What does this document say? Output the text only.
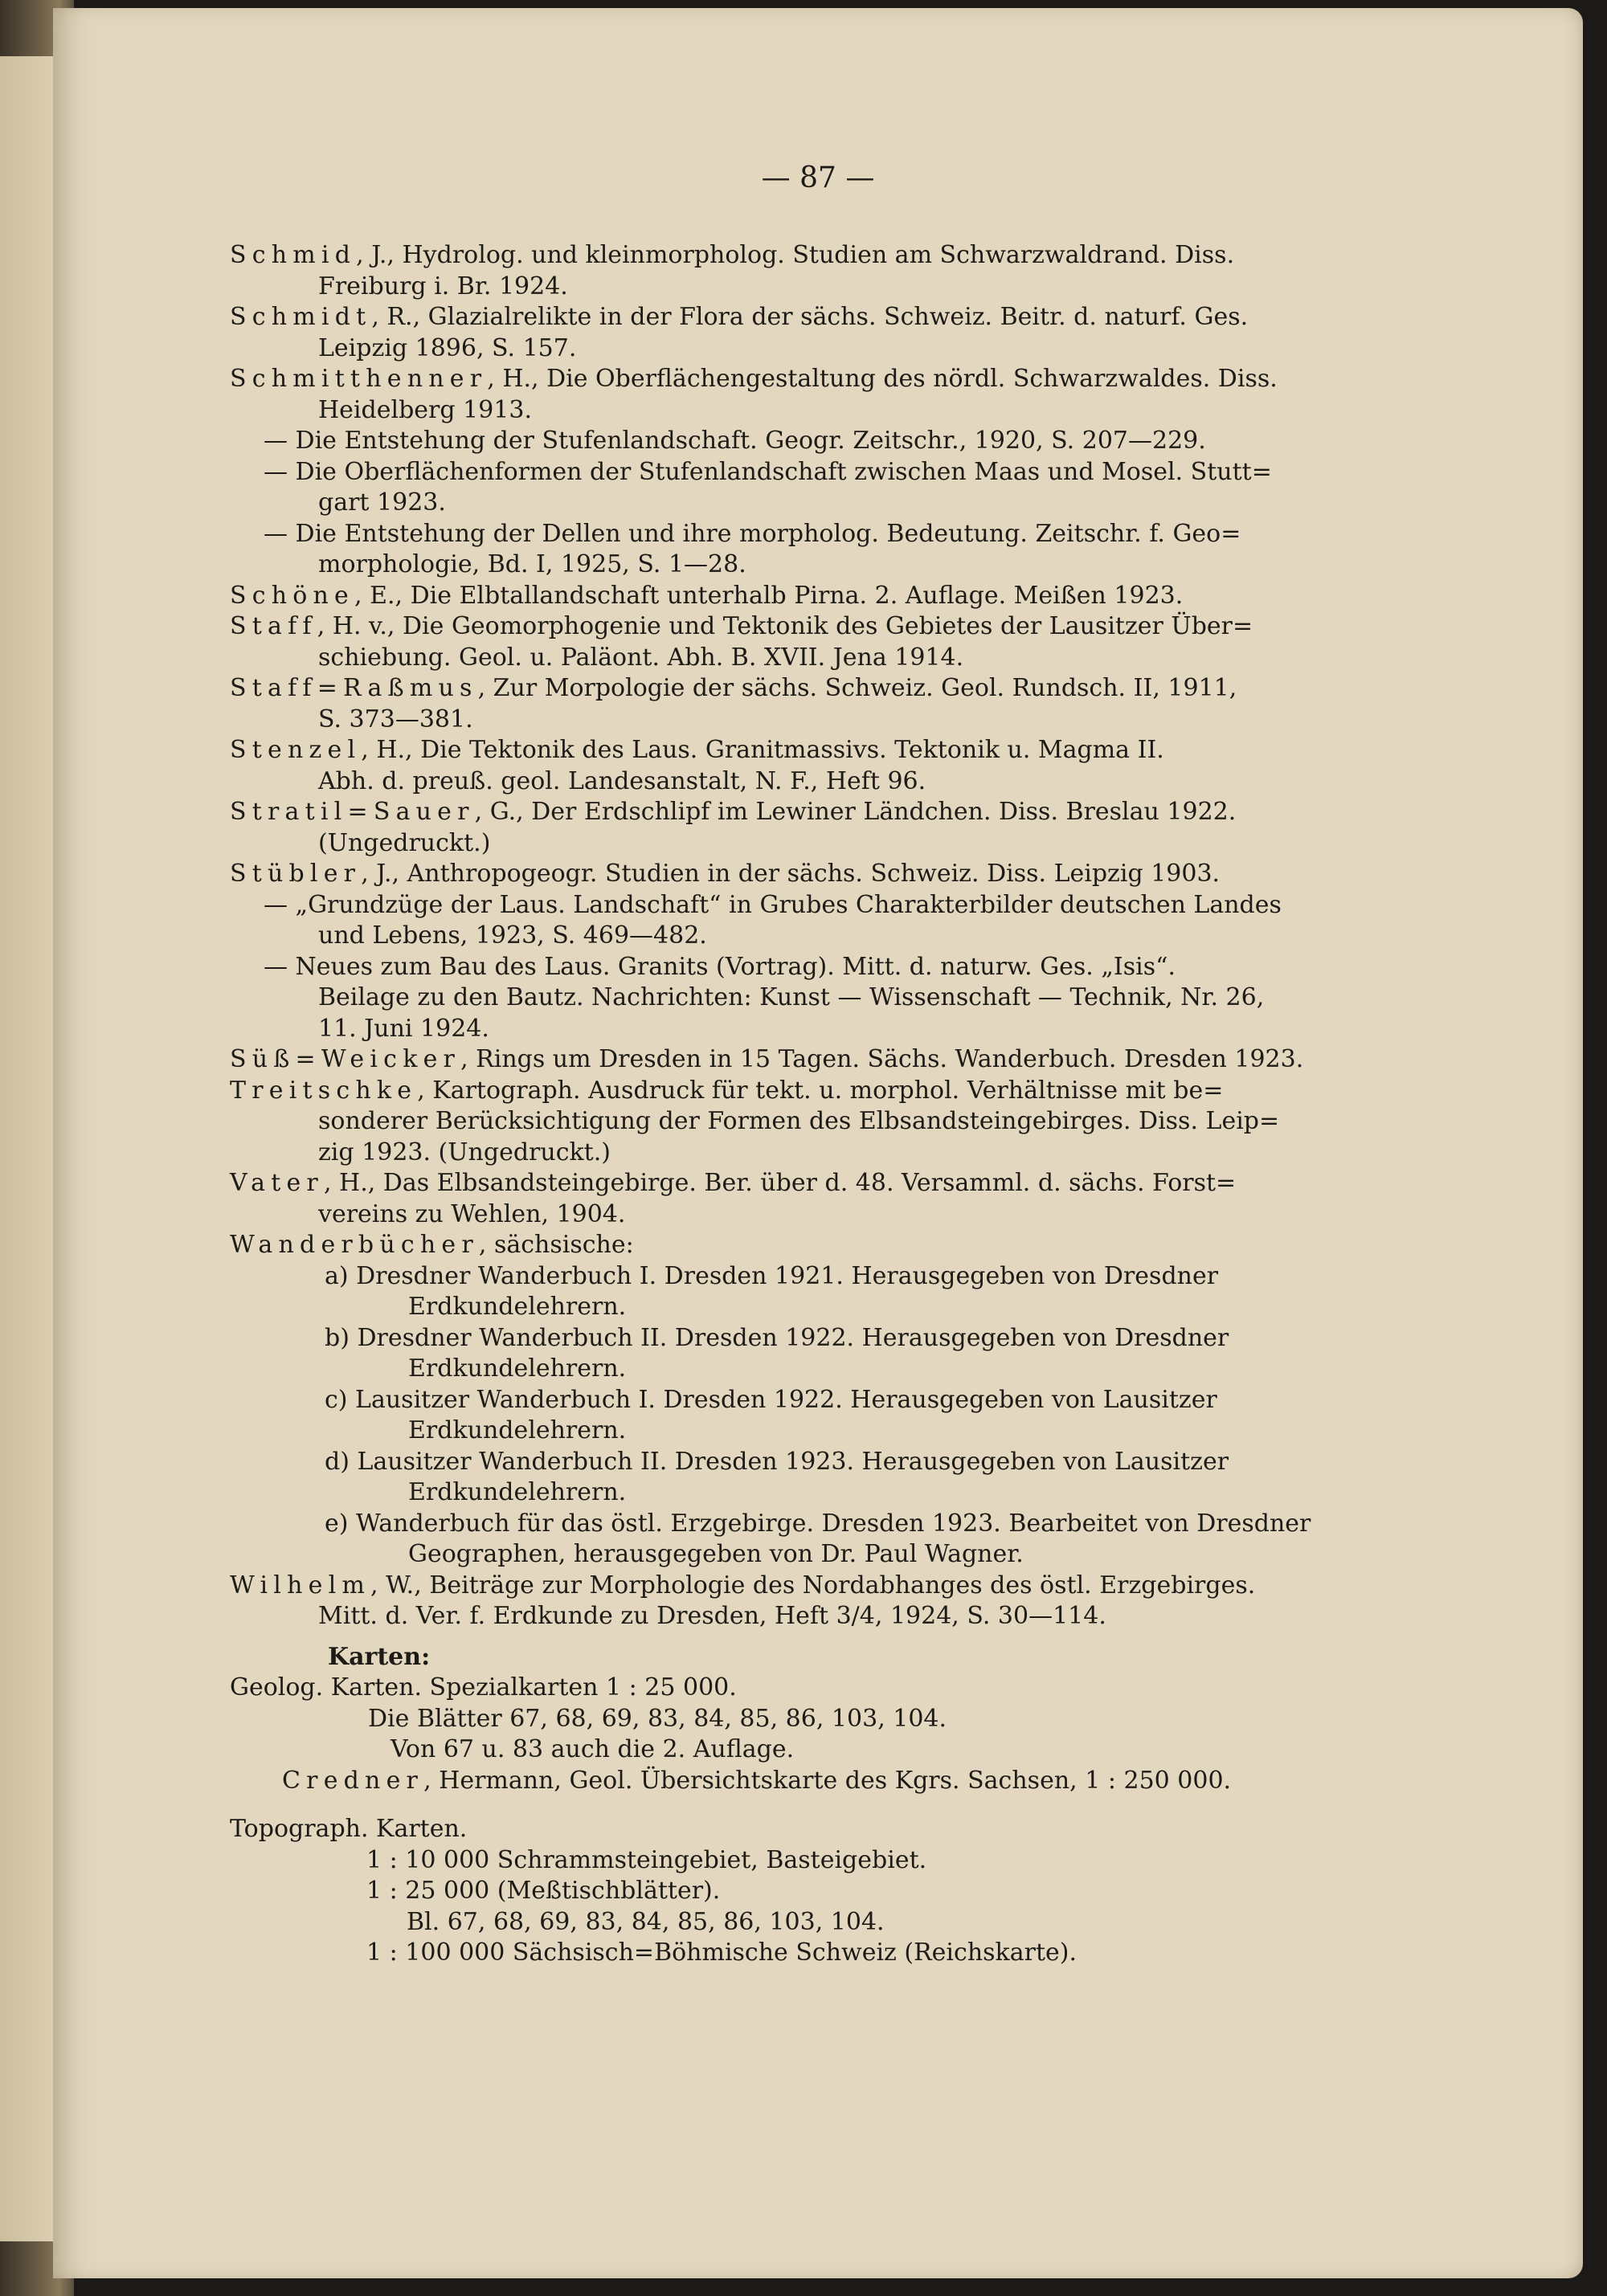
— 87 —
Schmid, J., Hydrolog. und kleinmorpholog. Studien am Schwarzwaldrand. Diss.
Freiburg i. Br. 1924.
Schmidt, R., Glazialrelikte in der Flora der sächs. Schweiz. Beitr. d. naturf. Ges.
Leipzig 1896, S. 157.
Schmitthenner, H., Die Oberflächengestaltung des nördl. Schwarzwaldes. Diss.
Heidelberg 1913.
— Die Entstehung der Stufenlandschaft. Geogr. Zeitschr., 1920, S. 207—229.
— Die Oberflächenformen der Stufenlandschaft zwischen Maas und Mosel. Stutt=
gart 1923.
— Die Entstehung der Dellen und ihre morpholog. Bedeutung. Zeitschr. f. Geo=
morphologie, Bd. I, 1925, S. 1—28.
Schöne, E., Die Elbtallandschaft unterhalb Pirna. 2. Auflage. Meißen 1923.
Staff, H. v., Die Geomorphogenie und Tektonik des Gebietes der Lausitzer Über=
schiebung. Geol. u. Paläont. Abh. B. XVII. Jena 1914.
Staff=Raßmus, Zur Morpologie der sächs. Schweiz. Geol. Rundsch. II, 1911,
S. 373—381.
Stenzel, H., Die Tektonik des Laus. Granitmassivs. Tektonik u. Magma II.
Abh. d. preuß. geol. Landesanstalt, N. F., Heft 96.
Stratil=Sauer, G., Der Erdschlipf im Lewiner Ländchen. Diss. Breslau 1922.
(Ungedruckt.)
Stübler, J., Anthropogeogr. Studien in der sächs. Schweiz. Diss. Leipzig 1903.
— „Grundzüge der Laus. Landschaft“ in Grubes Charakterbilder deutschen Landes
und Lebens, 1923, S. 469—482.
— Neues zum Bau des Laus. Granits (Vortrag). Mitt. d. naturw. Ges. „Isis“.
Beilage zu den Bautz. Nachrichten: Kunst — Wissenschaft — Technik, Nr. 26,
11. Juni 1924.
Süß=Weicker, Rings um Dresden in 15 Tagen. Sächs. Wanderbuch. Dresden 1923.
Treitschke, Kartograph. Ausdruck für tekt. u. morphol. Verhältnisse mit be=
sonderer Berücksichtigung der Formen des Elbsandsteingebirges. Diss. Leip=
zig 1923. (Ungedruckt.)
Vater, H., Das Elbsandsteingebirge. Ber. über d. 48. Versamml. d. sächs. Forst=
vereins zu Wehlen, 1904.
Wanderbücher, sächsische:
a) Dresdner Wanderbuch I. Dresden 1921. Herausgegeben von Dresdner
Erdkundelehrern.
b) Dresdner Wanderbuch II. Dresden 1922. Herausgegeben von Dresdner
Erdkundelehrern.
c) Lausitzer Wanderbuch I. Dresden 1922. Herausgegeben von Lausitzer
Erdkundelehrern.
d) Lausitzer Wanderbuch II. Dresden 1923. Herausgegeben von Lausitzer
Erdkundelehrern.
e) Wanderbuch für das östl. Erzgebirge. Dresden 1923. Bearbeitet von Dresdner
Geographen, herausgegeben von Dr. Paul Wagner.
Wilhelm, W., Beiträge zur Morphologie des Nordabhanges des östl. Erzgebirges.
Mitt. d. Ver. f. Erdkunde zu Dresden, Heft 3/4, 1924, S. 30—114.
Karten:
Geolog. Karten. Spezialkarten 1 : 25 000.
Die Blätter 67, 68, 69, 83, 84, 85, 86, 103, 104.
Von 67 u. 83 auch die 2. Auflage.
Credner, Hermann, Geol. Übersichtskarte des Kgrs. Sachsen, 1 : 250 000.
Topograph. Karten.
1 : 10 000 Schrammsteingebiet, Basteigebiet.
1 : 25 000 (Meßtischblätter).
Bl. 67, 68, 69, 83, 84, 85, 86, 103, 104.
1 : 100 000 Sächsisch=Böhmische Schweiz (Reichskarte).
